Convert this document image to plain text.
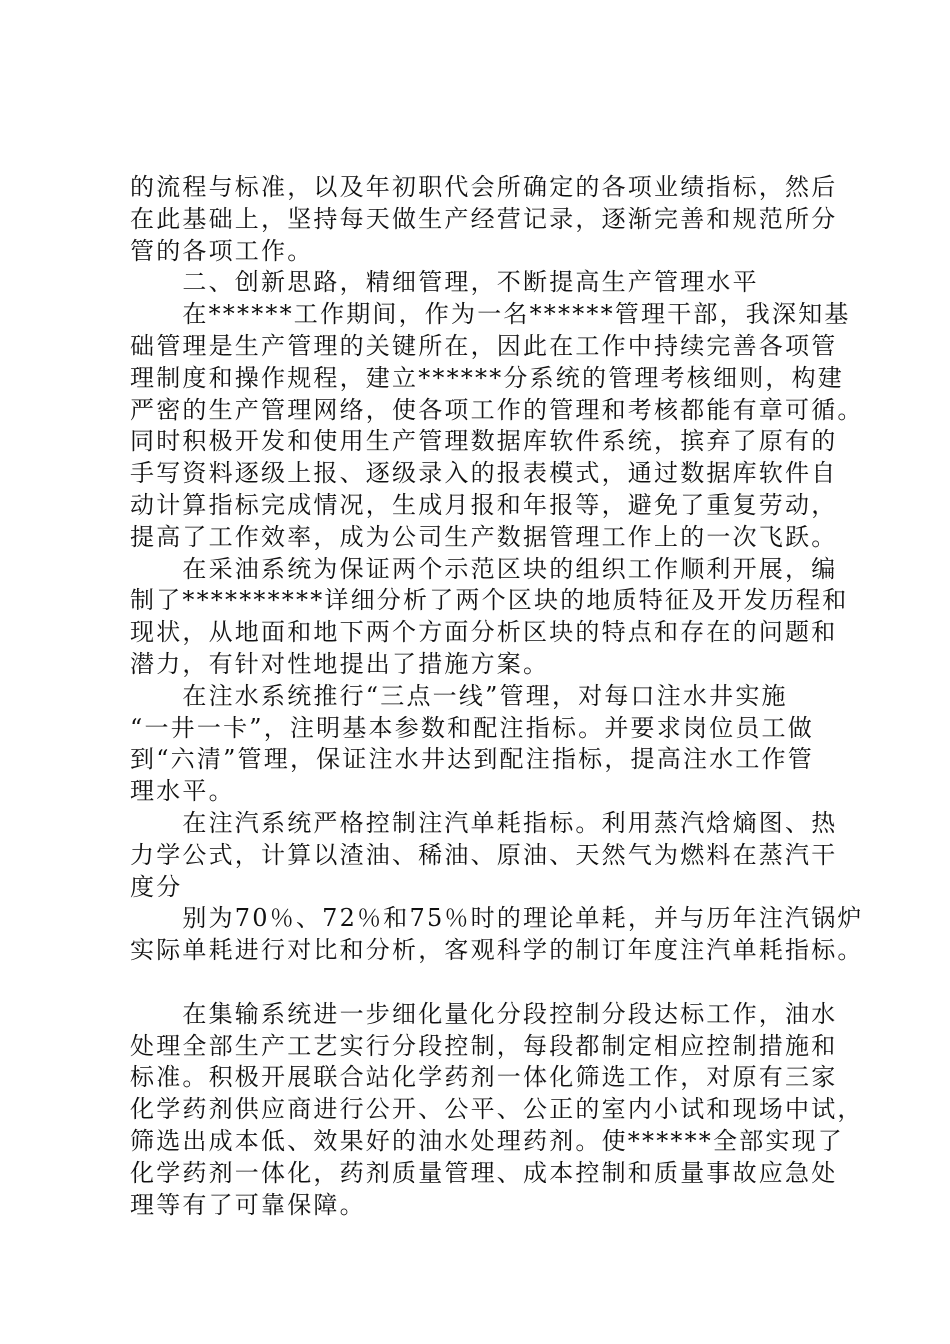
的流程与标准，以及年初职代会所确定的各项业绩指标，然后
在此基础上，坚持每天做生产经营记录，逐渐完善和规范所分
管的各项工作。
　　二、创新思路，精细管理，不断提高生产管理水平
　　在******工作期间，作为一名******管理干部，我深知基
础管理是生产管理的关键所在，因此在工作中持续完善各项管
理制度和操作规程，建立******分系统的管理考核细则，构建
严密的生产管理网络，使各项工作的管理和考核都能有章可循。
同时积极开发和使用生产管理数据库软件系统，摈弃了原有的
手写资料逐级上报、逐级录入的报表模式，通过数据库软件自
动计算指标完成情况，生成月报和年报等，避免了重复劳动，
提高了工作效率，成为公司生产数据管理工作上的一次飞跃。
　　在采油系统为保证两个示范区块的组织工作顺利开展，编
制了**********详细分析了两个区块的地质特征及开发历程和
现状，从地面和地下两个方面分析区块的特点和存在的问题和
潜力，有针对性地提出了措施方案。
　　在注水系统推行“三点一线”管理，对每口注水井实施
“一井一卡”，注明基本参数和配注指标。并要求岗位员工做
到“六清”管理，保证注水井达到配注指标，提高注水工作管
理水平。
　　在注汽系统严格控制注汽单耗指标。利用蒸汽焓熵图、热
力学公式，计算以渣油、稀油、原油、天然气为燃料在蒸汽干
度分
　　别为70％、72％和75％时的理论单耗，并与历年注汽锅炉
实际单耗进行对比和分析，客观科学的制订年度注汽单耗指标。
　　在集输系统进一步细化量化分段控制分段达标工作，油水
处理全部生产工艺实行分段控制，每段都制定相应控制措施和
标准。积极开展联合站化学药剂一体化筛选工作，对原有三家
化学药剂供应商进行公开、公平、公正的室内小试和现场中试，
筛选出成本低、效果好的油水处理药剂。使******全部实现了
化学药剂一体化，药剂质量管理、成本控制和质量事故应急处
理等有了可靠保障。
